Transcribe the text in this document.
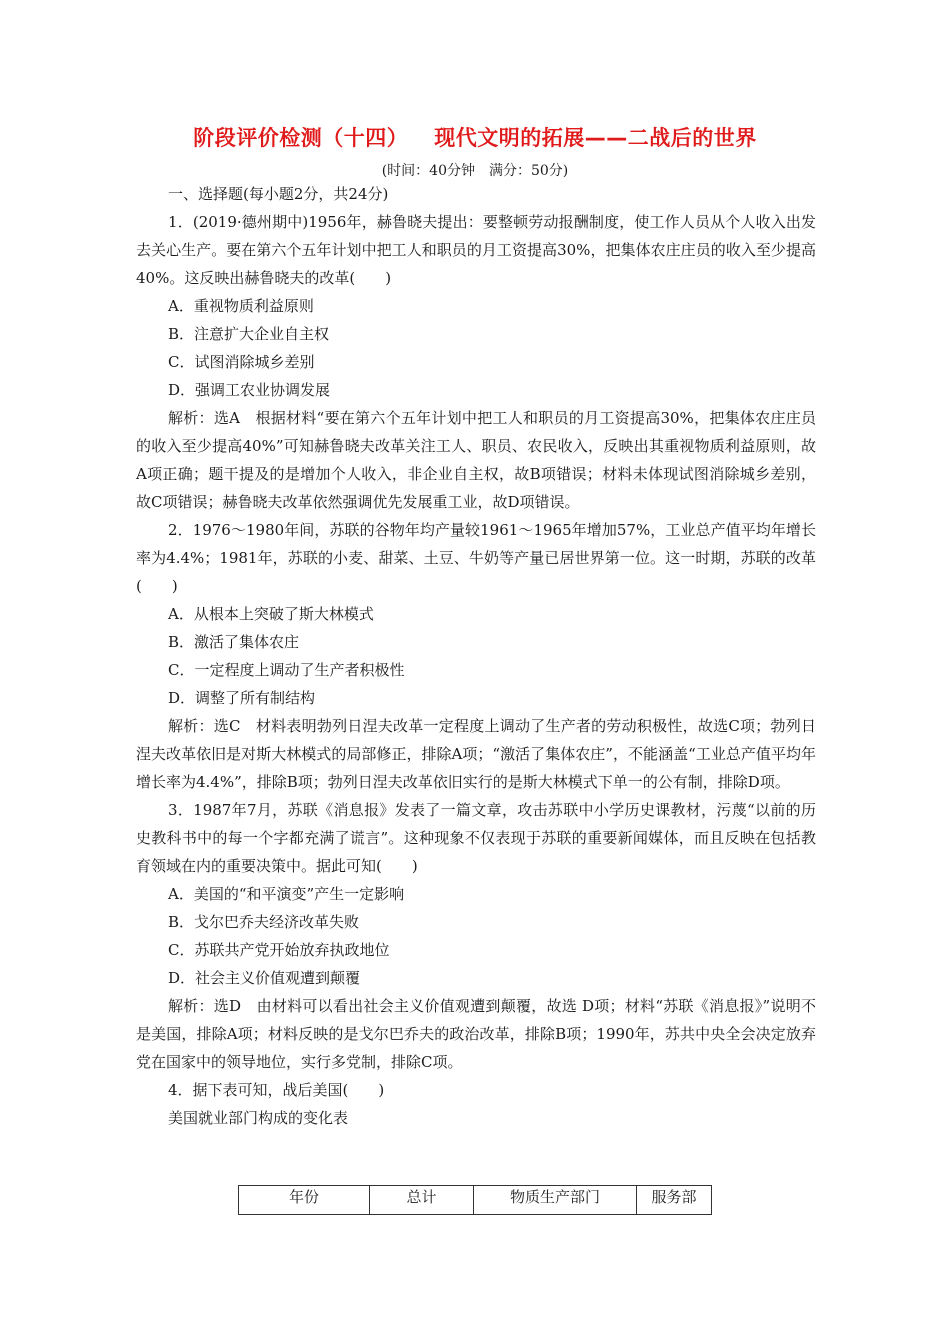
阶段评价检测（十四） 现代文明的拓展——二战后的世界
(时间：40分钟　满分：50分)

一、选择题(每小题2分，共24分)

1．(2019·德州期中)1956年，赫鲁晓夫提出：要整顿劳动报酬制度，使工作人员从个人收入出发去关心生产。要在第六个五年计划中把工人和职员的月工资提高30%，把集体农庄庄员的收入至少提高40%。这反映出赫鲁晓夫的改革(　　)

A．重视物质利益原则

B．注意扩大企业自主权

C．试图消除城乡差别

D．强调工农业协调发展

解析：选A　根据材料“要在第六个五年计划中把工人和职员的月工资提高30%，把集体农庄庄员的收入至少提高40%”可知赫鲁晓夫改革关注工人、职员、农民收入，反映出其重视物质利益原则，故A项正确；题干提及的是增加个人收入，非企业自主权，故B项错误；材料未体现试图消除城乡差别，故C项错误；赫鲁晓夫改革依然强调优先发展重工业，故D项错误。

2．1976～1980年间，苏联的谷物年均产量较1961～1965年增加57%，工业总产值平均年增长率为4.4%；1981年，苏联的小麦、甜菜、土豆、牛奶等产量已居世界第一位。这一时期，苏联的改革(　　)

A．从根本上突破了斯大林模式

B．激活了集体农庄

C．一定程度上调动了生产者积极性

D．调整了所有制结构

解析：选C　材料表明勃列日涅夫改革一定程度上调动了生产者的劳动积极性，故选C项；勃列日涅夫改革依旧是对斯大林模式的局部修正，排除A项；“激活了集体农庄”，不能涵盖“工业总产值平均年增长率为4.4%”，排除B项；勃列日涅夫改革依旧实行的是斯大林模式下单一的公有制，排除D项。

3．1987年7月，苏联《消息报》发表了一篇文章，攻击苏联中小学历史课教材，污蔑“以前的历史教科书中的每一个字都充满了谎言”。这种现象不仅表现于苏联的重要新闻媒体，而且反映在包括教育领域在内的重要决策中。据此可知(　　)

A．美国的“和平演变”产生一定影响

B．戈尔巴乔夫经济改革失败

C．苏联共产党开始放弃执政地位

D．社会主义价值观遭到颠覆

解析：选D　由材料可以看出社会主义价值观遭到颠覆，故选 D项；材料“苏联《消息报》”说明不是美国，排除A项；材料反映的是戈尔巴乔夫的政治改革，排除B项；1990年，苏共中央全会决定放弃党在国家中的领导地位，实行多党制，排除C项。

4．据下表可知，战后美国(　　)

美国就业部门构成的变化表

年份	总计	物质生产部门	服务部
